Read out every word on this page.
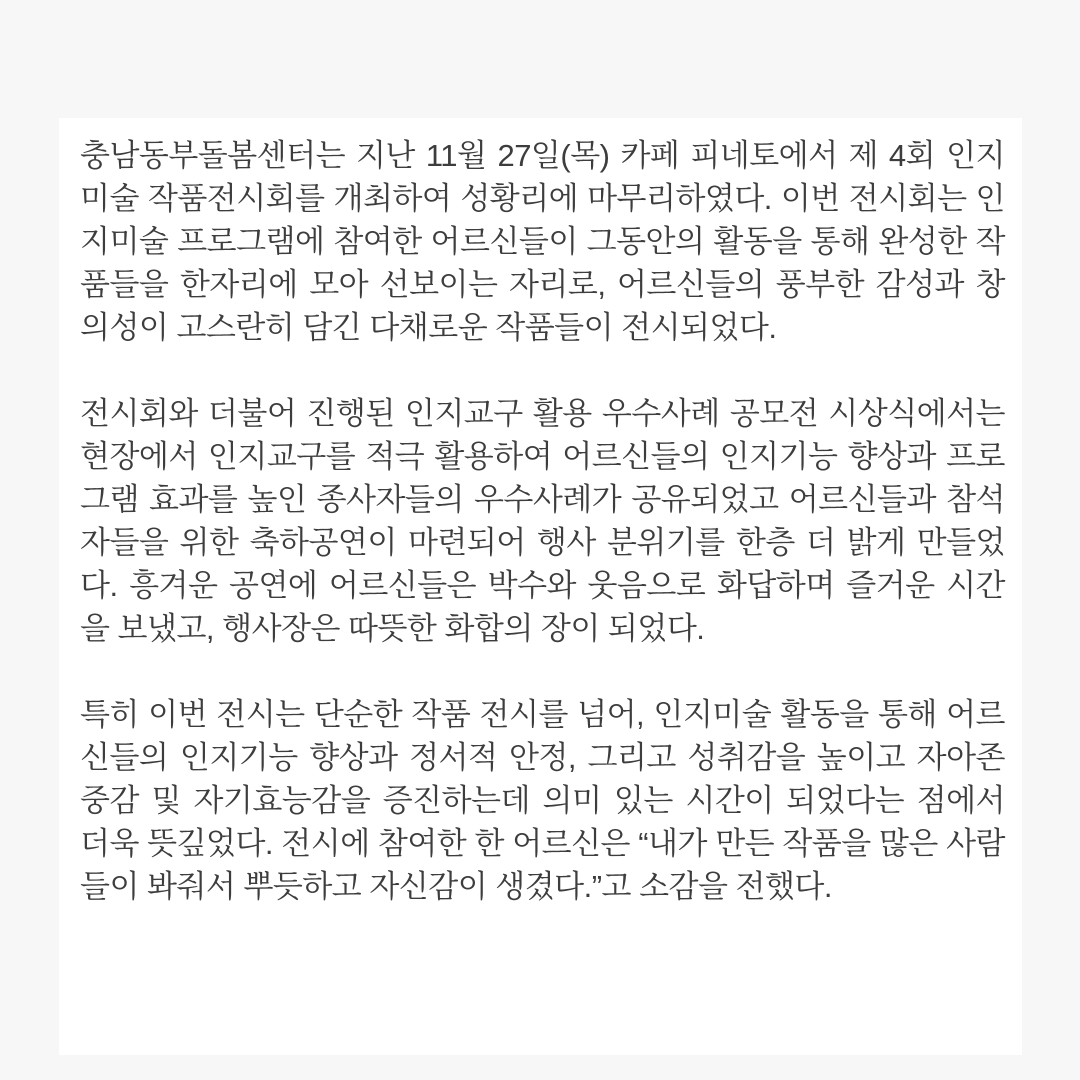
충남동부돌봄센터는 지난 11월 27일(목) 카페 피네토에서 제 4회 인지미술 작품전시회를 개최하여 성황리에 마무리하였다. 이번 전시회는 인지미술 프로그램에 참여한 어르신들이 그동안의 활동을 통해 완성한 작품들을 한자리에 모아 선보이는 자리로, 어르신들의 풍부한 감성과 창의성이 고스란히 담긴 다채로운 작품들이 전시되었다.

전시회와 더불어 진행된 인지교구 활용 우수사례 공모전 시상식에서는 현장에서 인지교구를 적극 활용하여 어르신들의 인지기능 향상과 프로그램 효과를 높인 종사자들의 우수사례가 공유되었고 어르신들과 참석자들을 위한 축하공연이 마련되어 행사 분위기를 한층 더 밝게 만들었다. 흥겨운 공연에 어르신들은 박수와 웃음으로 화답하며 즐거운 시간을 보냈고, 행사장은 따뜻한 화합의 장이 되었다.

특히 이번 전시는 단순한 작품 전시를 넘어, 인지미술 활동을 통해 어르신들의 인지기능 향상과 정서적 안정, 그리고 성취감을 높이고 자아존중감 및 자기효능감을 증진하는데 의미 있는 시간이 되었다는 점에서 더욱 뜻깊었다. 전시에 참여한 한 어르신은 “내가 만든 작품을 많은 사람들이 봐줘서 뿌듯하고 자신감이 생겼다.”고 소감을 전했다.
